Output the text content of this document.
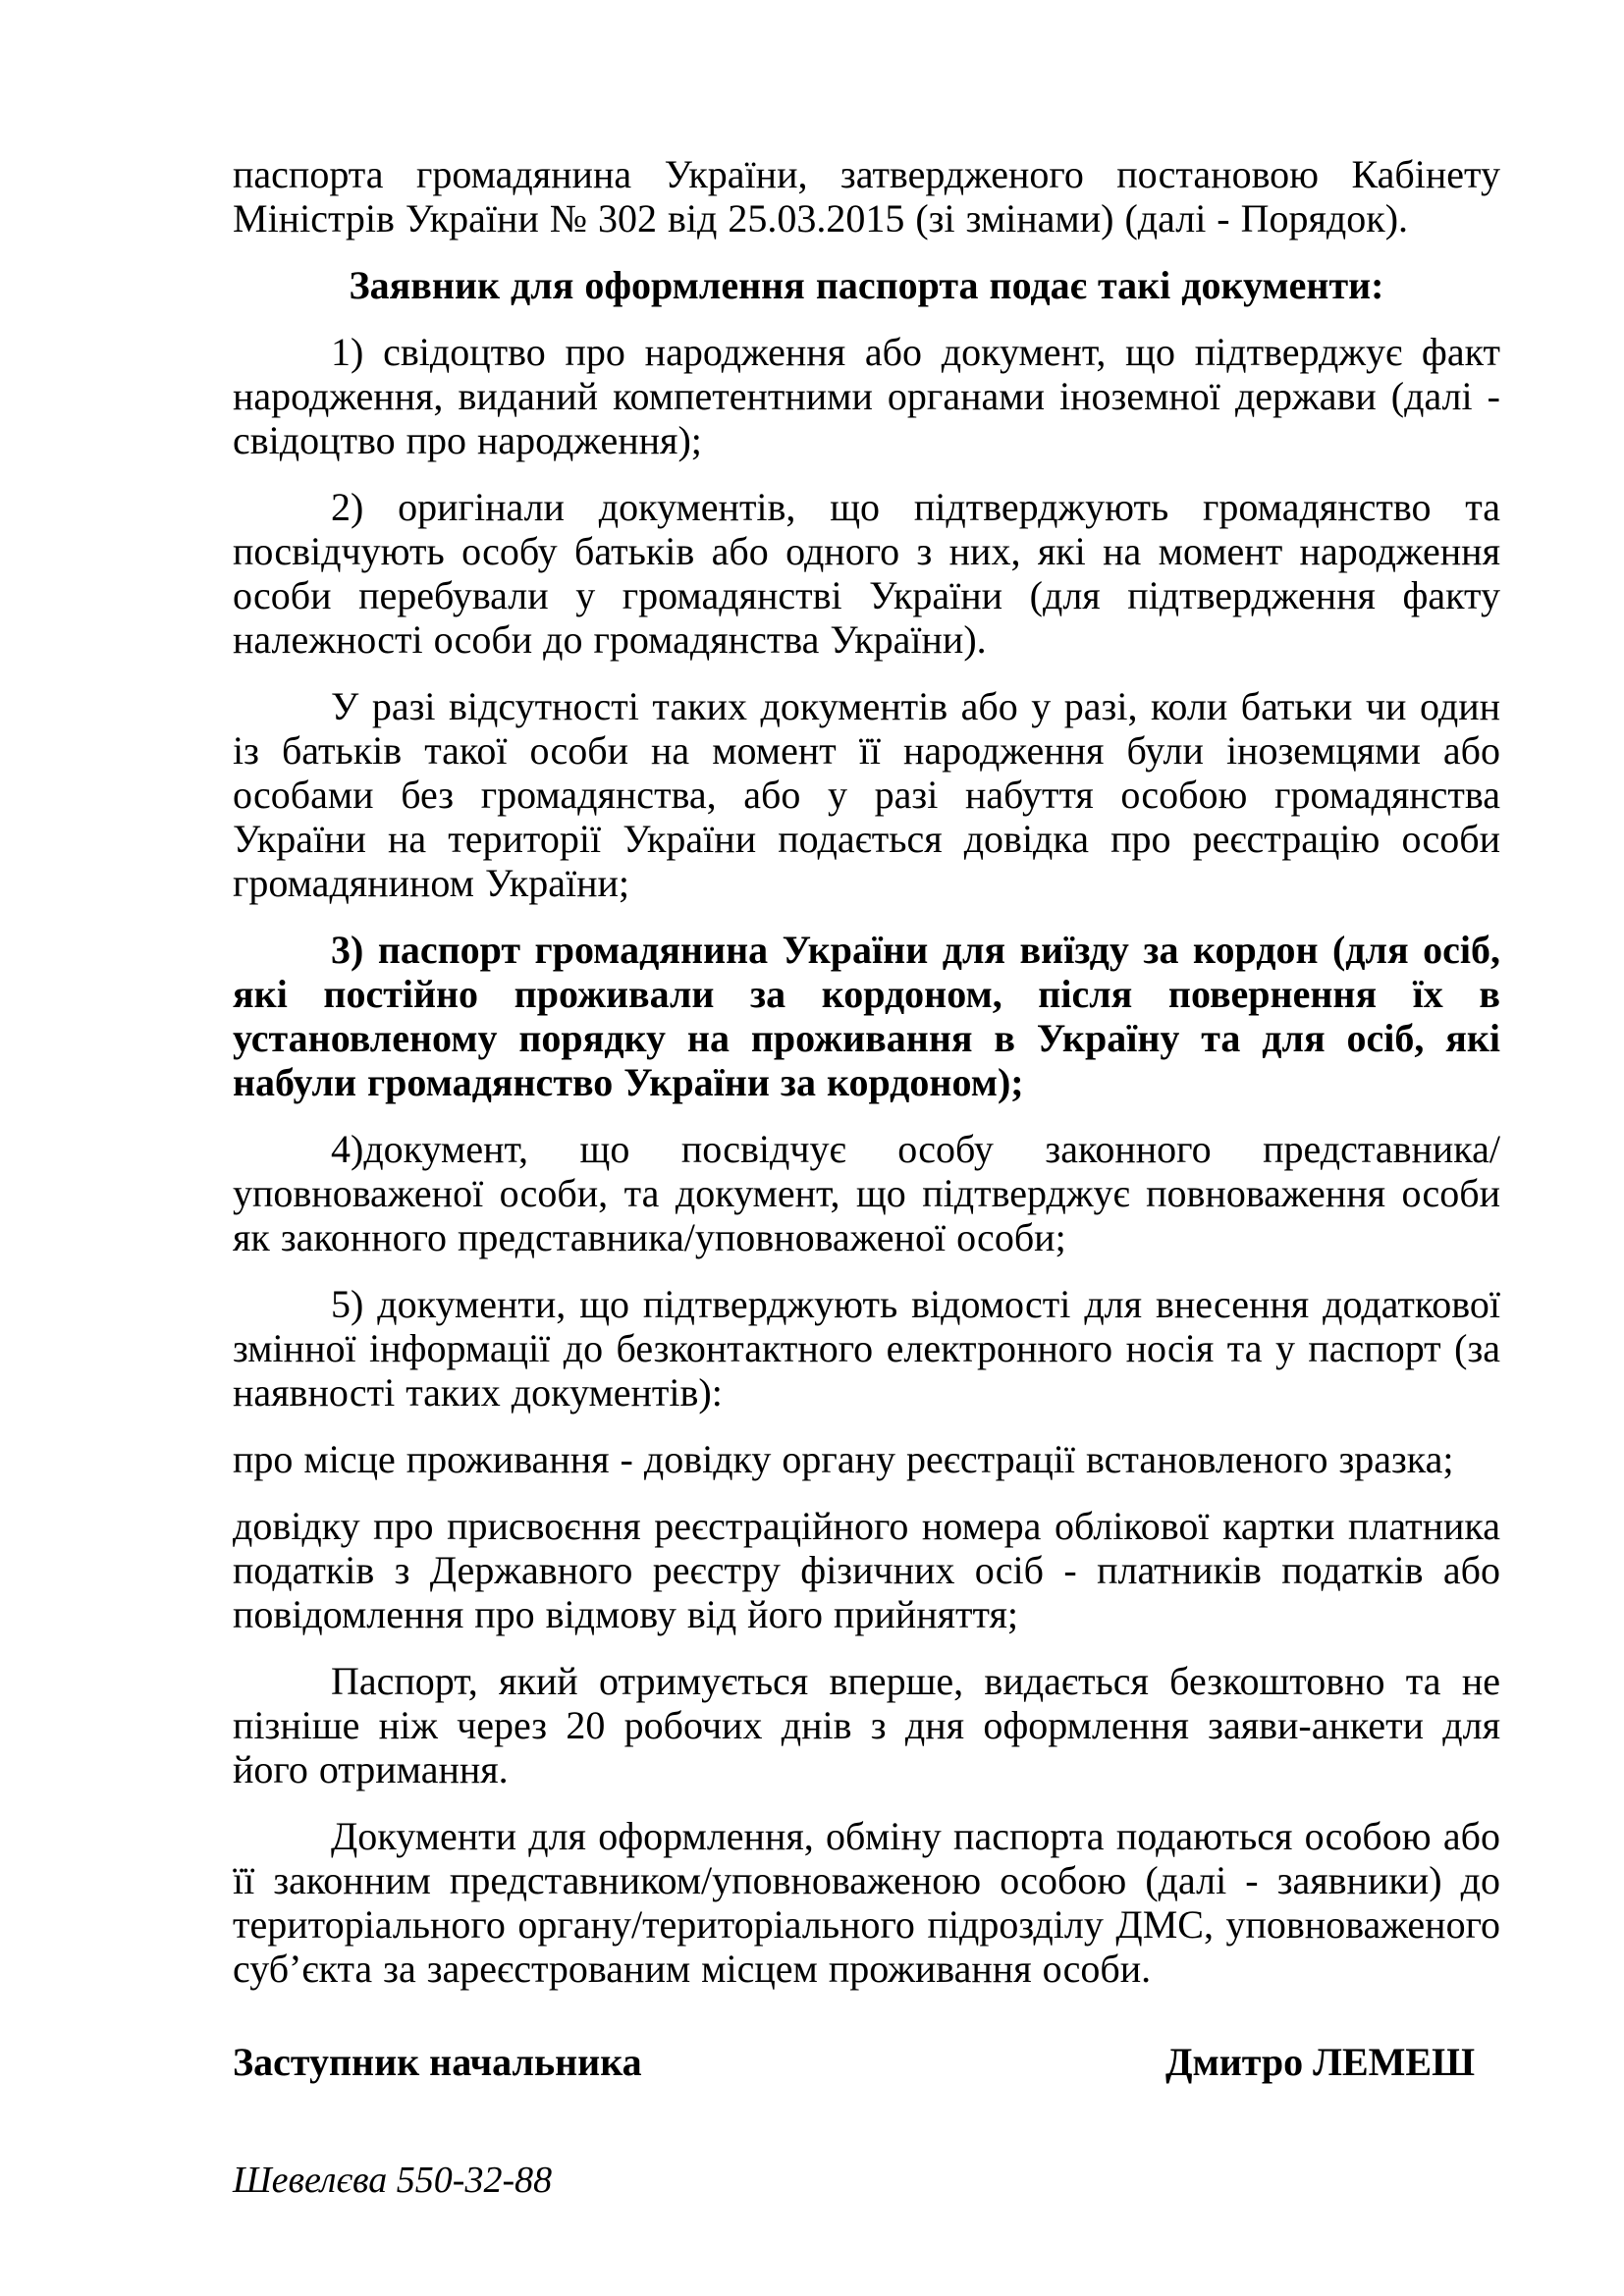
паспорта громадянина України, затвердженого постановою Кабінету Міністрів України № 302 від 25.03.2015 (зі змінами) (далі - Порядок).

Заявник для оформлення паспорта подає такі документи:

1) свідоцтво про народження або документ, що підтверджує факт народження, виданий компетентними органами іноземної держави (далі - свідоцтво про народження);

2) оригінали документів, що підтверджують громадянство та посвідчують особу батьків або одного з них, які на момент народження особи перебували у громадянстві України (для підтвердження факту належності особи до громадянства України).

У разі відсутності таких документів або у разі, коли батьки чи один із батьків такої особи на момент її народження були іноземцями або особами без громадянства, або у разі набуття особою громадянства України на території України подається довідка про реєстрацію особи громадянином України;

3) паспорт громадянина України для виїзду за кордон (для осіб, які постійно проживали за кордоном, після повернення їх в установленому порядку на проживання в Україну та для осіб, які набули громадянство України за кордоном);

4)документ, що посвідчує особу законного представника/ уповноваженої особи, та документ, що підтверджує повноваження особи як законного представника/уповноваженої особи;

5) документи, що підтверджують відомості для внесення додаткової змінної інформації до безконтактного електронного носія та у паспорт (за наявності таких документів):

про місце проживання - довідку органу реєстрації встановленого зразка;

довідку про присвоєння реєстраційного номера облікової картки платника податків з Державного реєстру фізичних осіб - платників податків або повідомлення про відмову від його прийняття;

Паспорт, який отримується вперше, видається безкоштовно та не пізніше ніж через 20 робочих днів з дня оформлення заяви-анкети для його отримання.

Документи для оформлення, обміну паспорта подаються особою або її законним представником/уповноваженою особою (далі - заявники) до територіального органу/територіального підрозділу ДМС, уповноваженого суб’єкта за зареєстрованим місцем проживання особи.

Заступник начальника	Дмитро ЛЕМЕШ
Шевелєва 550-32-88
